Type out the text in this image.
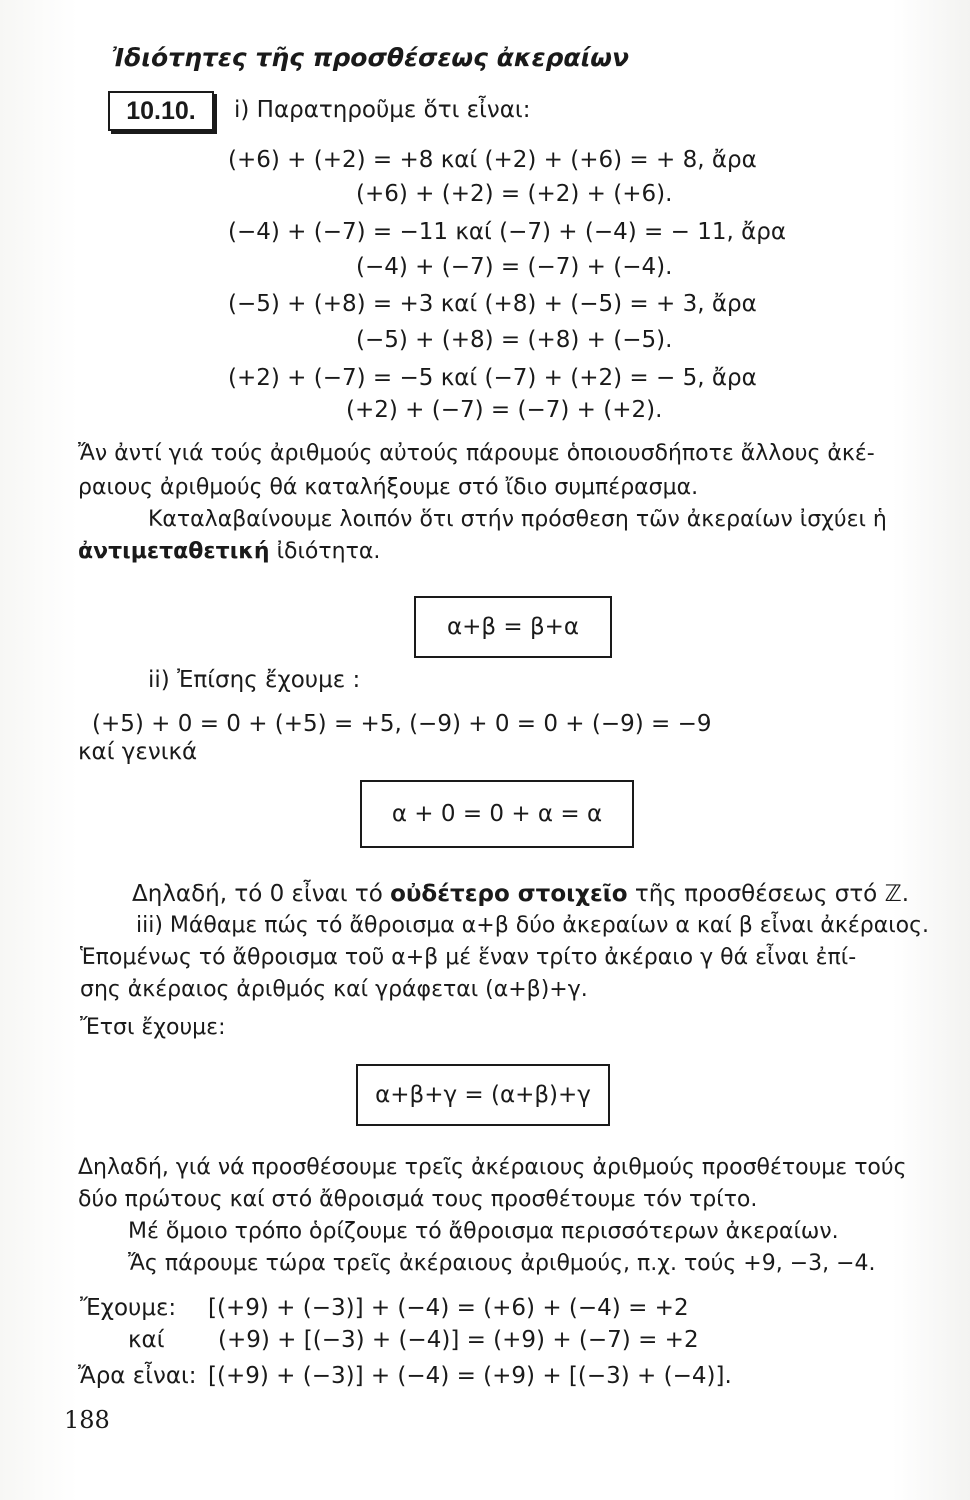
Ἰδιότητες τῆς προσθέσεως ἀκεραίων
10.10.	i) Παρατηροῦμε ὅτι εἶναι:
(+6) + (+2) = +8 καί (+2) + (+6) = + 8, ἄρα
(+6) + (+2) = (+2) + (+6).
(−4) + (−7) = −11 καί (−7) + (−4) = − 11, ἄρα
(−4) + (−7) = (−7) + (−4).
(−5) + (+8) = +3 καί (+8) + (−5) = + 3, ἄρα
(−5) + (+8) = (+8) + (−5).
(+2) + (−7) = −5 καί (−7) + (+2) = − 5, ἄρα
(+2) + (−7) = (−7) + (+2).
Ἄν ἀντί γιά τούς ἀριθμούς αὐτούς πάρουμε ὁποιουσδήποτε ἄλλους ἀκέ-
ραιους ἀριθμούς θά καταλήξουμε στό ἴδιο συμπέρασμα.
Καταλαβαίνουμε λοιπόν ὅτι στήν πρόσθεση τῶν ἀκεραίων ἰσχύει ἡ
ἀντιμεταθετική ἰδιότητα.
α+β = β+α
ii) Ἐπίσης ἔχουμε :
(+5) + 0 = 0 + (+5) = +5, (−9) + 0 = 0 + (−9) = −9
καί γενικά
α + 0 = 0 + α = α
Δηλαδή, τό 0 εἶναι τό οὐδέτερο στοιχεῖο τῆς προσθέσεως στό ℤ.
iii) Μάθαμε πώς τό ἄθροισμα α+β δύο ἀκεραίων α καί β εἶναι ἀκέραιος.
Ἑπομένως τό ἄθροισμα τοῦ α+β μέ ἕναν τρίτο ἀκέραιο γ θά εἶναι ἐπί-
σης ἀκέραιος ἀριθμός καί γράφεται (α+β)+γ.
Ἔτσι ἔχουμε:
α+β+γ = (α+β)+γ
Δηλαδή, γιά νά προσθέσουμε τρεῖς ἀκέραιους ἀριθμούς προσθέτουμε τούς
δύο πρώτους καί στό ἄθροισμά τους προσθέτουμε τόν τρίτο.
Μέ ὅμοιο τρόπο ὁρίζουμε τό ἄθροισμα περισσότερων ἀκεραίων.
Ἄς πάρουμε τώρα τρεῖς ἀκέραιους ἀριθμούς, π.χ. τούς +9, −3, −4.
Ἔχουμε: [(+9) + (−3)] + (−4) = (+6) + (−4) = +2
καί (+9) + [(−3) + (−4)] = (+9) + (−7) = +2
Ἄρα εἶναι: [(+9) + (−3)] + (−4) = (+9) + [(−3) + (−4)].
188
